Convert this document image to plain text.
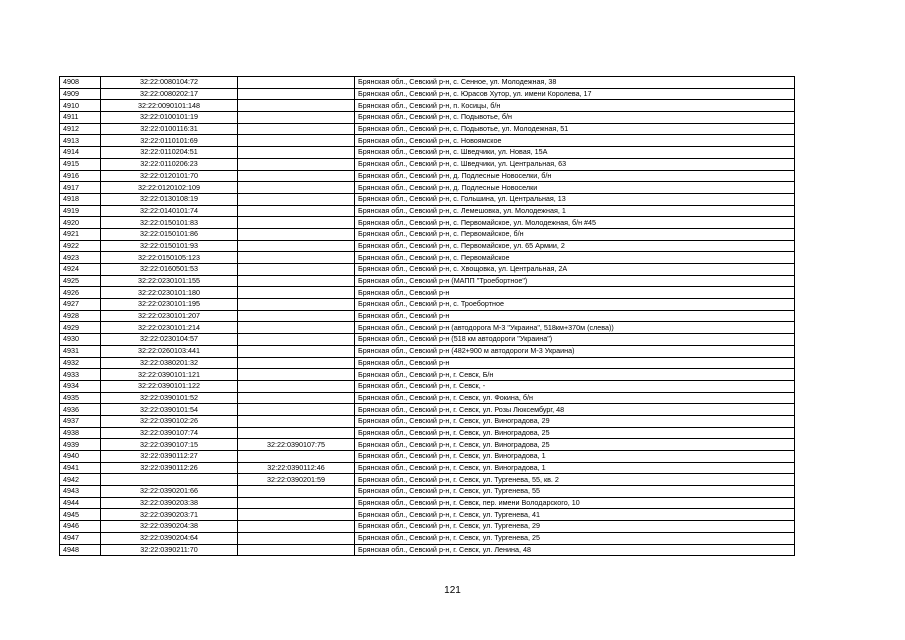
4908	32:22:0080104:72		Брянская обл., Севский р-н, с. Сенное, ул. Молодежная, 38
4909	32:22:0080202:17		Брянская обл., Севский р-н, с. Юрасов Хутор, ул. имени Королева, 17
4910	32:22:0090101:148		Брянская обл., Севский р-н, п. Косицы, б/н
4911	32:22:0100101:19		Брянская обл., Севский р-н, с. Подывотье, б/н
4912	32:22:0100116:31		Брянская обл., Севский р-н, с. Подывотье, ул. Молодежная, 51
4913	32:22:0110101:69		Брянская обл., Севский р-н, с. Новоямское
4914	32:22:0110204:51		Брянская обл., Севский р-н, с. Шведчики, ул. Новая, 15А
4915	32:22:0110206:23		Брянская обл., Севский р-н, с. Шведчики, ул. Центральная, 63
4916	32:22:0120101:70		Брянская обл., Севский р-н, д. Подлесные Новоселки, б/н
4917	32:22:0120102:109		Брянская обл., Севский р-н, д. Подлесные Новоселки
4918	32:22:0130108:19		Брянская обл., Севский р-н, с. Гольшина, ул. Центральная, 13
4919	32:22:0140101:74		Брянская обл., Севский р-н, с. Лемешовка, ул. Молодежная, 1
4920	32:22:0150101:83		Брянская обл., Севский р-н, с. Первомайское, ул. Молодежная, б/н #45
4921	32:22:0150101:86		Брянская обл., Севский р-н, с. Первомайское, б/н
4922	32:22:0150101:93		Брянская обл., Севский р-н, с. Первомайское, ул. 65 Армии, 2
4923	32:22:0150105:123		Брянская обл., Севский р-н, с. Первомайское
4924	32:22:0160501:53		Брянская обл., Севский р-н, с. Хвощовка, ул. Центральная, 2А
4925	32:22:0230101:155		Брянская обл., Севский р-н (МАПП "Троебортное")
4926	32:22:0230101:180		Брянская обл., Севский р-н
4927	32:22:0230101:195		Брянская обл., Севский р-н, с. Троебортное
4928	32:22:0230101:207		Брянская обл., Севский р-н
4929	32:22:0230101:214		Брянская обл., Севский р-н (автодорога М-3 "Украина", 518км+370м (слева))
4930	32:22:0230104:57		Брянская обл., Севский р-н (518 км автодороги "Украина")
4931	32:22:0260103:441		Брянская обл., Севский р-н (482+900 м автодороги М-3 Украина)
4932	32:22:0380201:32		Брянская обл., Севский р-н
4933	32:22:0390101:121		Брянская обл., Севский р-н, г. Севск, Б/н
4934	32:22:0390101:122		Брянская обл., Севский р-н, г. Севск, -
4935	32:22:0390101:52		Брянская обл., Севский р-н, г. Севск, ул. Фокина, б/н
4936	32:22:0390101:54		Брянская обл., Севский р-н, г. Севск, ул. Розы Люксембург, 48
4937	32:22:0390102:26		Брянская обл., Севский р-н, г. Севск, ул. Виноградова, 29
4938	32:22:0390107:74		Брянская обл., Севский р-н, г. Севск, ул. Виноградова, 25
4939	32:22:0390107:15	32:22:0390107:75	Брянская обл., Севский р-н, г. Севск, ул. Виноградова, 25
4940	32:22:0390112:27		Брянская обл., Севский р-н, г. Севск, ул. Виноградова, 1
4941	32:22:0390112:26	32:22:0390112:46	Брянская обл., Севский р-н, г. Севск, ул. Виноградова, 1
4942		32:22:0390201:59	Брянская обл., Севский р-н, г. Севск, ул. Тургенева, 55, кв. 2
4943	32:22:0390201:66		Брянская обл., Севский р-н, г. Севск, ул. Тургенева, 55
4944	32:22:0390203:38		Брянская обл., Севский р-н, г. Севск, пер. имени Володарского, 10
4945	32:22:0390203:71		Брянская обл., Севский р-н, г. Севск, ул. Тургенева, 41
4946	32:22:0390204:38		Брянская обл., Севский р-н, г. Севск, ул. Тургенева, 29
4947	32:22:0390204:64		Брянская обл., Севский р-н, г. Севск, ул. Тургенева, 25
4948	32:22:0390211:70		Брянская обл., Севский р-н, г. Севск, ул. Ленина, 48
121
